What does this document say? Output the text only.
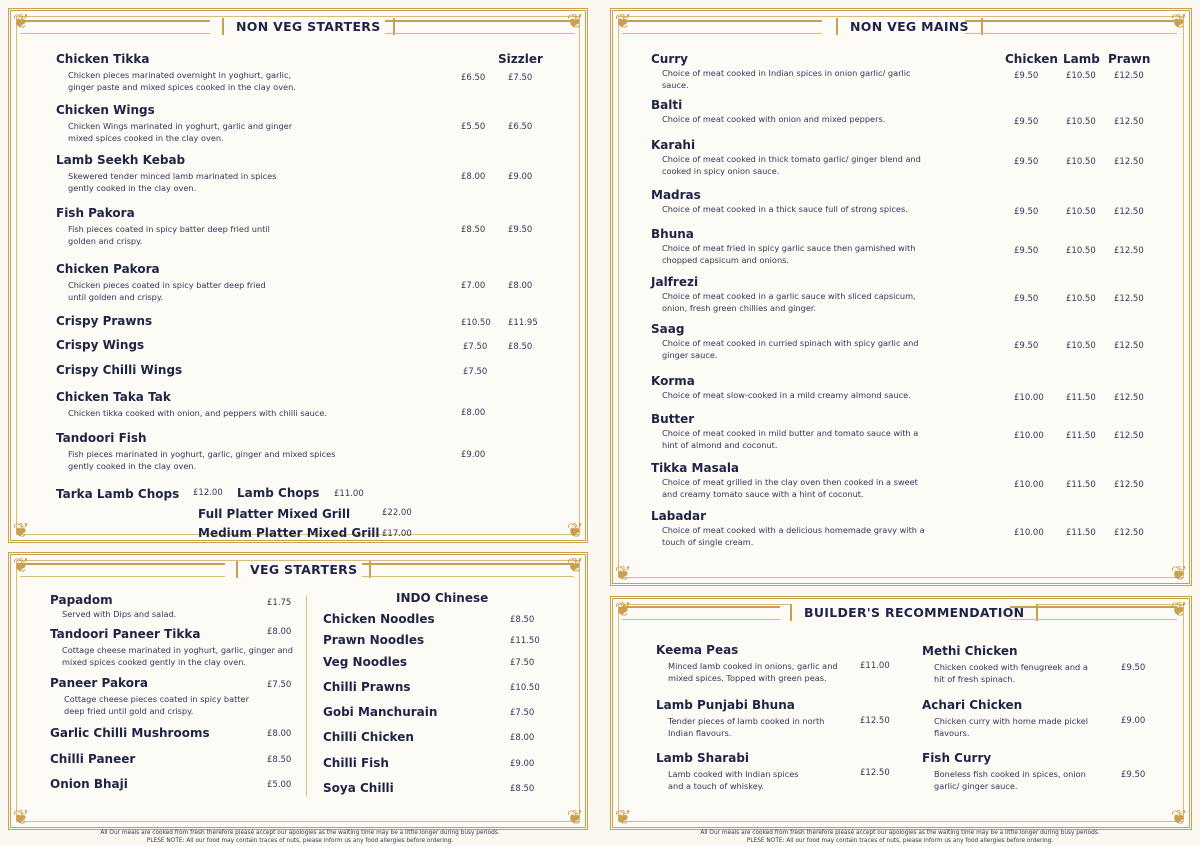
NON VEG STARTERS
Sizzler
Chicken Tikka
Chicken pieces marinated overnight in yoghurt, garlic, ginger paste and mixed spices cooked in the clay oven.
£6.50	£7.50
Chicken Wings
Chicken Wings marinated in yoghurt, garlic and ginger mixed spices cooked in the clay oven.
£5.50	£6.50
Lamb Seekh Kebab
Skewered tender minced lamb marinated in spices gently cooked in the clay oven.
£8.00	£9.00
Fish Pakora
Fish pieces coated in spicy batter deep fried until golden and crispy.
£8.50	£9.50
Chicken Pakora
Chicken pieces coated in spicy batter deep fried until golden and crispy.
£7.00	£8.00
Crispy Prawns	£10.50 £11.95
Crispy Wings	£7.50 £8.50
Crispy Chilli Wings	£7.50
Chicken Taka Tak
Chicken tikka cooked with onion, and peppers with chilli sauce.	£8.00
Tandoori Fish
Fish pieces marinated in yoghurt, garlic, ginger and mixed spices gently cooked in the clay oven.
£9.00
Tarka Lamb Chops £12.00 Lamb Chops £11.00
Full Platter Mixed Grill	£22.00
Medium Platter Mixed Grill £17.00
VEG STARTERS
Papadom
Served with Dips and salad.
£1.75
Tandoori Paneer Tikka
Cottage cheese marinated in yoghurt, garlic, ginger and mixed spices cooked gently in the clay oven.
£8.00
Paneer Pakora
Cottage cheese pieces coated in spicy batter deep fried until gold and crispy.
£7.50
Garlic Chilli Mushrooms	£8.00
Chilli Paneer	£8.50
Onion Bhaji	£5.00
INDO Chinese
Chicken Noodles	£8.50
Prawn Noodles	£11.50
Veg Noodles	£7.50
Chilli Prawns	£10.50
Gobi Manchurain	£7.50
Chilli Chicken	£8.00
Chilli Fish	£9.00
Soya Chilli	£8.50
All Our meals are cooked from fresh therefore please accept our apologies as the waiting time may be a little longer during busy periods.
PLESE NOTE: All our food may contain traces of nuts, please inform us any food allergies before ordering.
NON VEG MAINS
Chicken Lamb Prawn
Curry
Choice of meat cooked in Indian spices in onion garlic/ garlic sauce.
£9.50	£10.50 £12.50
Balti
Choice of meat cooked with onion and mixed peppers.	£9.50	£10.50 £12.50
Karahi
Choice of meat cooked in thick tomato garlic/ ginger blend and cooked in spicy onion sauce.
£9.50	£10.50 £12.50
Madras
Choice of meat cooked in a thick sauce full of strong spices.	£9.50	£10.50 £12.50
Bhuna
Choice of meat fried in spicy garlic sauce then garnished with chopped capsicum and onions.
£9.50	£10.50 £12.50
Jalfrezi
Choice of meat cooked in a garlic sauce with sliced capsicum, onion, fresh green chillies and ginger.
£9.50	£10.50 £12.50
Saag
Choice of meat cooked in curried spinach with spicy garlic and ginger sauce.
£9.50	£10.50 £12.50
Korma
Choice of meat slow-cooked in a mild creamy almond sauce.	£10.00	£11.50 £12.50
Butter
Choice of meat cooked in mild butter and tomato sauce with a hint of almond and coconut.
£10.00	£11.50 £12.50
Tikka Masala
Choice of meat grilled in the clay oven then cooked in a sweet and creamy tomato sauce with a hint of coconut.
£10.00	£11.50 £12.50
Labadar
Choice of meat cooked with a delicious homemade gravy with a touch of single cream.
£10.00	£11.50 £12.50
BUILDER'S RECOMMENDATION
Keema Peas
Minced lamb cooked in onions, garlic and mixed spices. Topped with green peas.
£11.00
Lamb Punjabi Bhuna
Tender pieces of lamb cooked in north Indian flavours.
£12.50
Lamb Sharabi
Lamb cooked with Indian spices and a touch of whiskey.
£12.50
Methi Chicken
Chicken cooked with fenugreek and a hit of fresh spinach.
£9.50
Achari Chicken
Chicken curry with home made pickel flavours.
£9.00
Fish Curry
Boneless fish cooked in spices, onion garlic/ ginger sauce.
£9.50
All Our meals are cooked from fresh therefore please accept our apologies as the waiting time may be a little longer during busy periods.
PLESE NOTE: All our food may contain traces of nuts, please inform us any food allergies before ordering.
❦	❦
❦	❦
❦	❦
❦	❦
❦	❦
❦	❦
❦	❦
❦	❦
